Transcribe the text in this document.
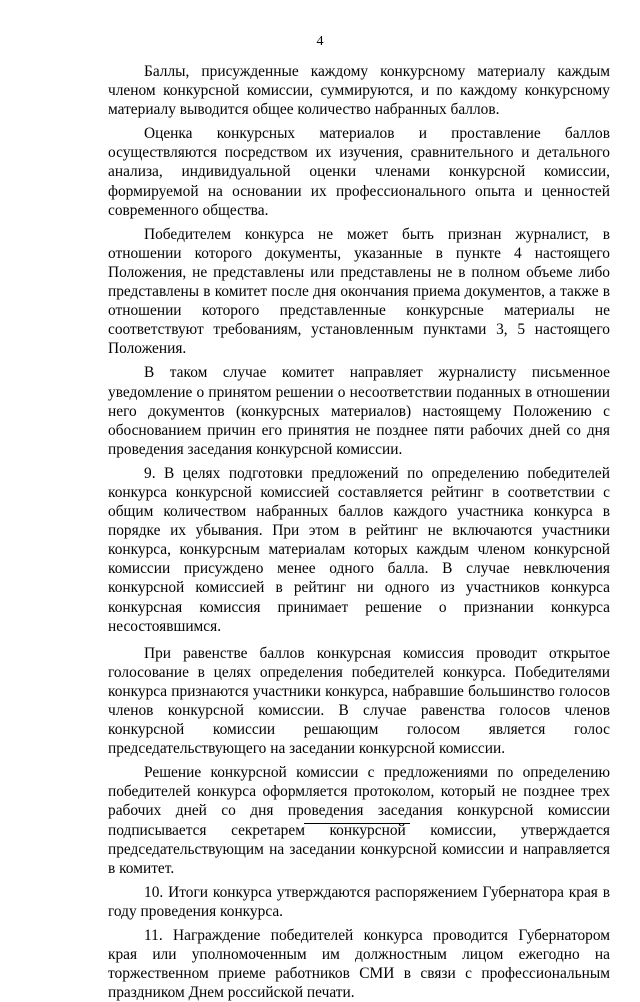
4

Баллы, присужденные каждому конкурсному материалу каждым членом конкурсной комиссии, суммируются, и по каждому конкурсному материалу выводится общее количество набранных баллов.

Оценка конкурсных материалов и проставление баллов осуществляются посредством их изучения, сравнительного и детального анализа, индивидуальной оценки членами конкурсной комиссии, формируемой на основании их профессионального опыта и ценностей современного общества.

Победителем конкурса не может быть признан журналист, в отношении которого документы, указанные в пункте 4 настоящего Положения, не представлены или представлены не в полном объеме либо представлены в комитет после дня окончания приема документов, а также в отношении которого представленные конкурсные материалы не соответствуют требованиям, установленным пунктами 3, 5 настоящего Положения.

В таком случае комитет направляет журналисту письменное уведомление о принятом решении о несоответствии поданных в отношении него документов (конкурсных материалов) настоящему Положению с обоснованием причин его принятия не позднее пяти рабочих дней со дня проведения заседания конкурсной комиссии.

9. В целях подготовки предложений по определению победителей конкурса конкурсной комиссией составляется рейтинг в соответствии с общим количеством набранных баллов каждого участника конкурса в порядке их убывания. При этом в рейтинг не включаются участники конкурса, конкурсным материалам которых каждым членом конкурсной комиссии присуждено менее одного балла. В случае невключения конкурсной комиссией в рейтинг ни одного из участников конкурса конкурсная комиссия принимает решение о признании конкурса несостоявшимся.

При равенстве баллов конкурсная комиссия проводит открытое голосование в целях определения победителей конкурса. Победителями конкурса признаются участники конкурса, набравшие большинство голосов членов конкурсной комиссии. В случае равенства голосов членов конкурсной комиссии решающим голосом является голос председательствующего на заседании конкурсной комиссии.

Решение конкурсной комиссии с предложениями по определению победителей конкурса оформляется протоколом, который не позднее трех рабочих дней со дня проведения заседания конкурсной комиссии подписывается секретарем конкурсной комиссии, утверждается председательствующим на заседании конкурсной комиссии и направляется в комитет.

10. Итоги конкурса утверждаются распоряжением Губернатора края в году проведения конкурса.

11. Награждение победителей конкурса проводится Губернатором края или уполномоченным им должностным лицом ежегодно на торжественном приеме работников СМИ в связи с профессиональным праздником Днем российской печати.
